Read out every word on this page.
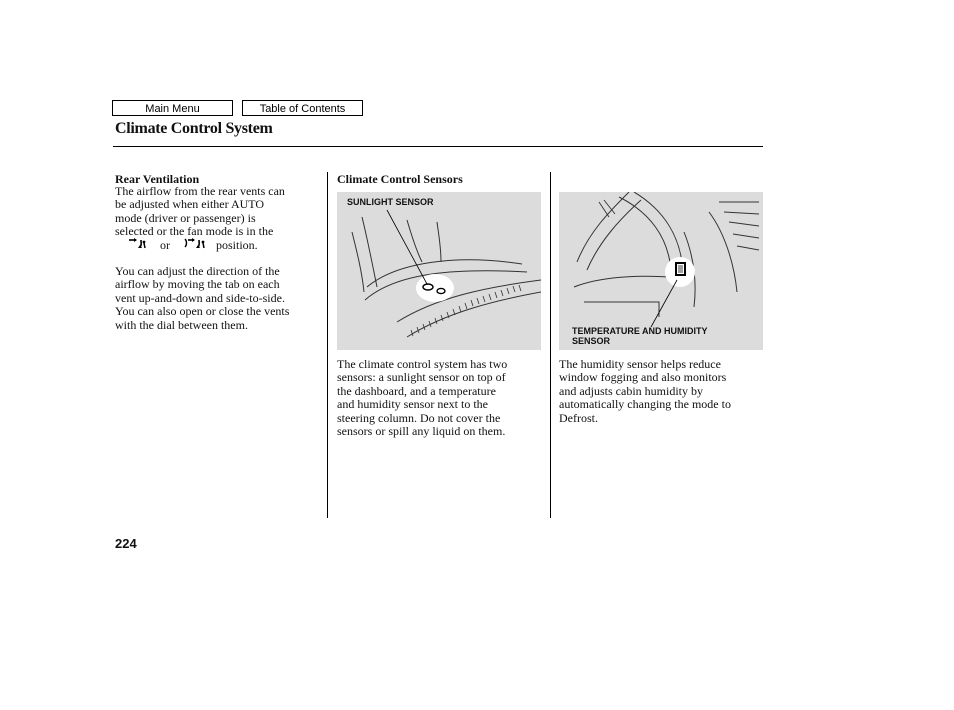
Main Menu	Table of Contents
Climate Control System
Rear Ventilation
The airflow from the rear vents can
be adjusted when either AUTO
mode (driver or passenger) is
selected or the fan mode is in the
or	position.
You can adjust the direction of the
airflow by moving the tab on each
vent up-and-down and side-to-side.
You can also open or close the vents
with the dial between them.
Climate Control Sensors
SUNLIGHT SENSOR
The climate control system has two
sensors: a sunlight sensor on top of
the dashboard, and a temperature
and humidity sensor next to the
steering column. Do not cover the
sensors or spill any liquid on them.
TEMPERATURE AND HUMIDITY
SENSOR
The humidity sensor helps reduce
window fogging and also monitors
and adjusts cabin humidity by
automatically changing the mode to
Defrost.
224
